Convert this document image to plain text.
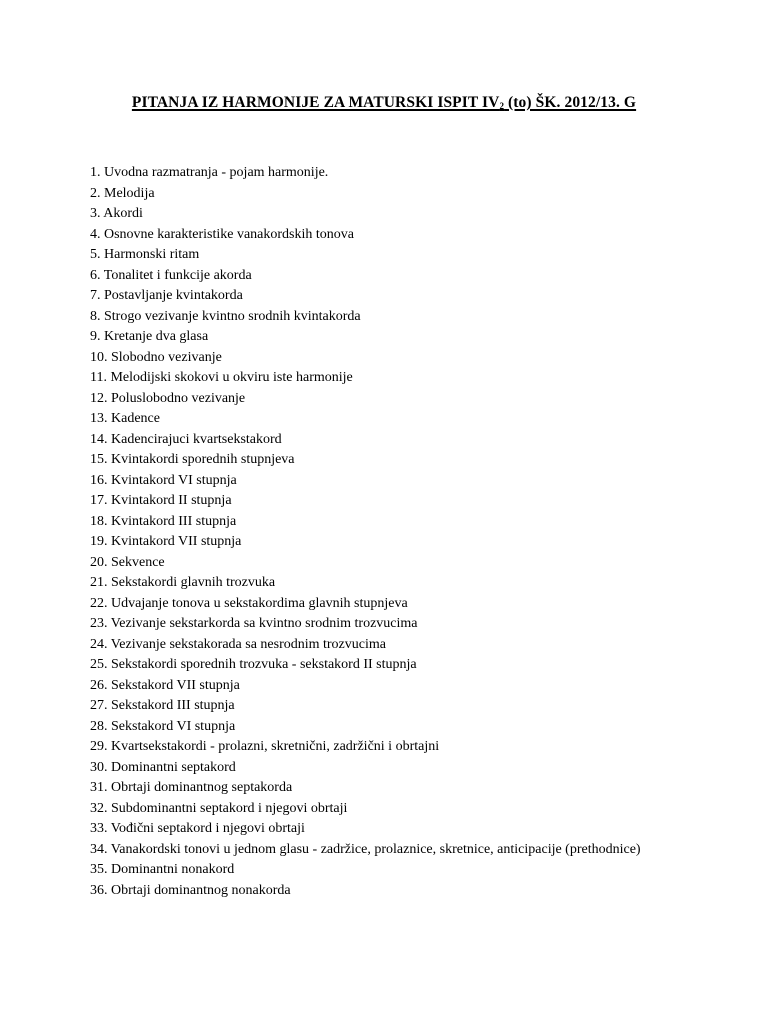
PITANJA IZ HARMONIJE ZA MATURSKI ISPIT $IV_2$ (to) ŠK. 2012/13. G
1. Uvodna razmatranja - pojam harmonije.
2. Melodija
3. Akordi
4. Osnovne karakteristike vanakordskih tonova
5. Harmonski ritam
6. Tonalitet i funkcije akorda
7. Postavljanje kvintakorda
8. Strogo vezivanje kvintno srodnih kvintakorda
9. Kretanje dva glasa
10. Slobodno vezivanje
11. Melodijski skokovi u okviru iste harmonije
12. Poluslobodno vezivanje
13. Kadence
14. Kadencirajuci kvartsekstakord
15. Kvintakordi sporednih stupnjeva
16. Kvintakord VI stupnja
17. Kvintakord II stupnja
18. Kvintakord III stupnja
19. Kvintakord VII stupnja
20. Sekvence
21. Sekstakordi glavnih trozvuka
22. Udvajanje tonova u sekstakordima glavnih stupnjeva
23. Vezivanje sekstarkorda sa kvintno srodnim trozvucima
24. Vezivanje sekstakorada sa nesrodnim trozvucima
25. Sekstakordi sporednih trozvuka - sekstakord II stupnja
26. Sekstakord VII stupnja
27. Sekstakord III stupnja
28. Sekstakord VI stupnja
29. Kvartsekstakordi - prolazni, skretnični, zadržični i obrtajni
30. Dominantni septakord
31. Obrtaji dominantnog septakorda
32. Subdominantni septakord i njegovi obrtaji
33. Vođični septakord i njegovi obrtaji
34. Vanakordski tonovi u jednom glasu - zadržice, prolaznice, skretnice, anticipacije (prethodnice)
35. Dominantni nonakord
36. Obrtaji dominantnog nonakorda
